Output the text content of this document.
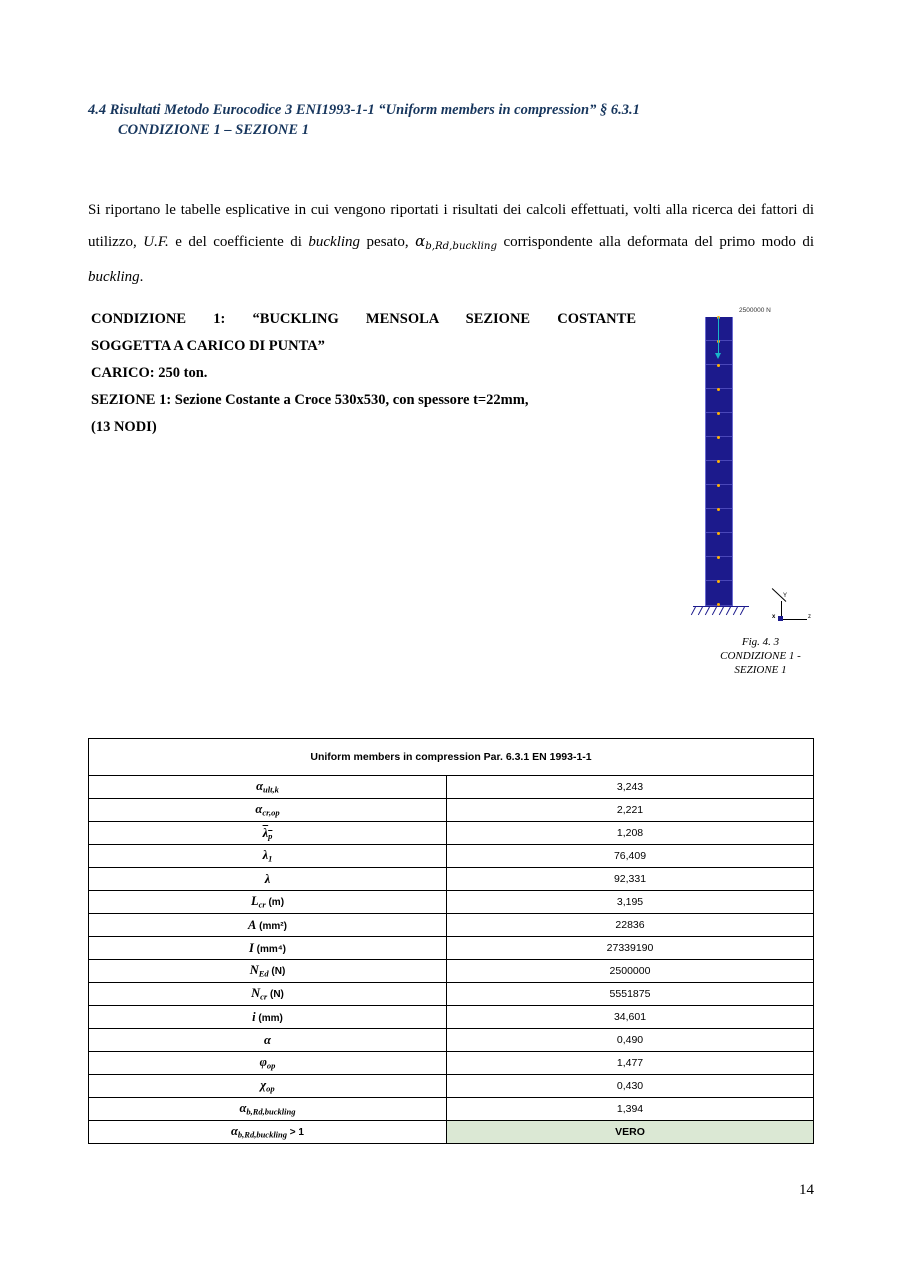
4.4 Risultati Metodo Eurocodice 3 ENI1993-1-1 “Uniform members in compression” § 6.3.1
CONDIZIONE 1 – SEZIONE 1

Si riportano le tabelle esplicative in cui vengono riportati i risultati dei calcoli effettuati, volti alla ricerca dei fattori di utilizzo, U.F. e del coefficiente di buckling pesato, $\alpha_{b,Rd,buckling}$ corrispondente alla deformata del primo modo di buckling.

CONDIZIONE 1: “BUCKLING MENSOLA SEZIONE COSTANTE
SOGGETTA A CARICO DI PUNTA”
CARICO: 250 ton.
SEZIONE 1: Sezione Costante a Croce 530x530, con spessore t=22mm,
(13 NODI)
2500000 N
Y
z
x
Fig. 4. 3
CONDIZIONE 1 -
SEZIONE 1
Uniform members in compression Par. 6.3.1 EN 1993-1-1	
$\alpha_{ult,k}$	3,243
$\alpha_{cr,op}$	2,221
$\overline{\lambda}\overline{p}$	1,208
$\lambda_1$	76,409
λ	92,331
$L_{cr}$ (m)	3,195
A (mm²)	22836
I (mm⁴)	27339190
$N_{Ed}$ (N)	2500000
$N_{cr}$ (N)	5551875
i (mm)	34,601
α	0,490
$\varphi_{op}$	1,477
$\chi_{op}$	0,430
$\alpha_{b,Rd,buckling}$	1,394
$\alpha_{b,Rd,buckling} > 1$	VERO
14
